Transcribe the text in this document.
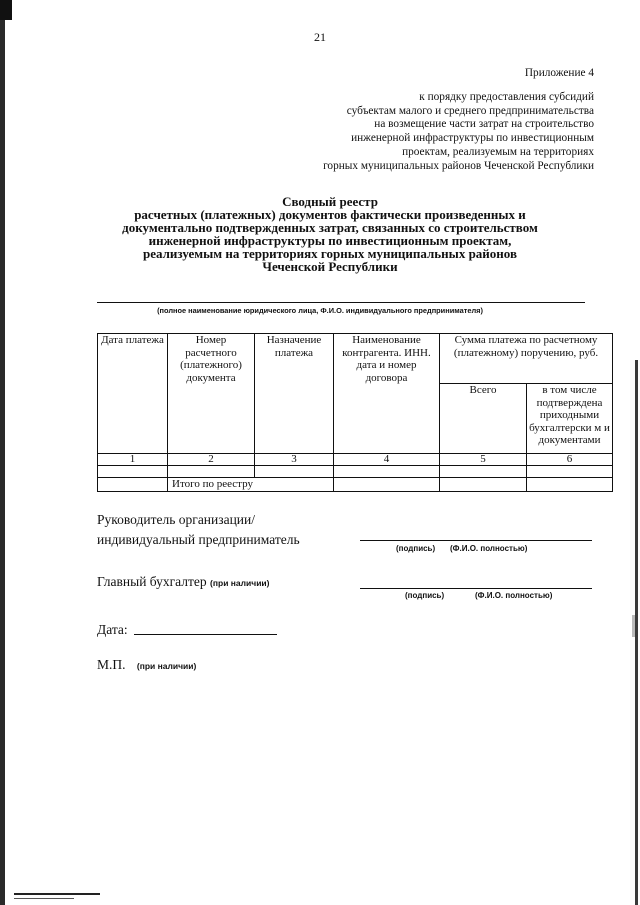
21
Приложение 4
к порядку предоставления субсидий
субъектам малого и среднего предпринимательства
на возмещение части затрат на строительство
инженерной инфраструктуры по инвестиционным
проектам, реализуемым на территориях
горных муниципальных районов Чеченской Республики
Сводный реестр
расчетных (платежных) документов фактически произведенных и
документально подтвержденных затрат, связанных со строительством
инженерной инфраструктуры по инвестиционным проектам,
реализуемым на территориях горных муниципальных районов
Чеченской Республики
(полное наименование юридического лица, Ф.И.О. индивидуального предпринимателя)
Дата платежа	Номер расчетного (платежного) документа	Назначение платежа	Наименование контрагента. ИНН. дата и номер договора	Сумма платежа по расчетному (платежному) поручению, руб.	
				Всего	в том числе подтверждена приходными бухгалтерски м и документами
1	2	3	4	5	6

	Итого по реестру				
Руководитель организации/
индивидуальный предприниматель
(подпись) (Ф.И.О. полностью)
Главный бухгалтер (при наличии)
(подпись)	(Ф.И.О. полностью)
Дата:
М.П. (при наличии)
